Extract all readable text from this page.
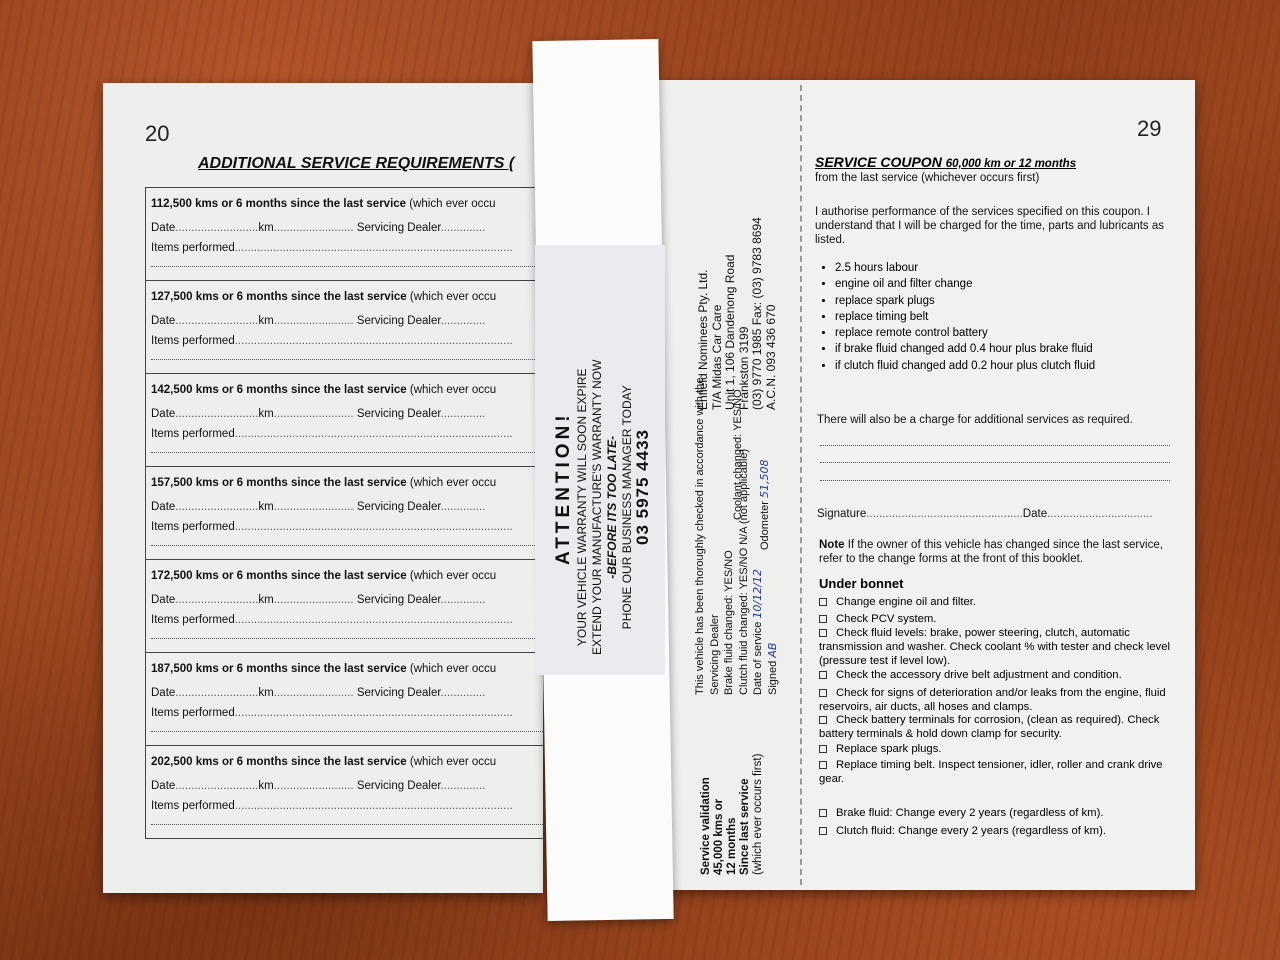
20
ADDITIONAL SERVICE REQUIREMENTS (
112,500 kms or 6 months since the last service (which ever occu
Date..........................km......................... Servicing Dealer..............
Items performed.......................................................................................
127,500 kms or 6 months since the last service (which ever occu
Date..........................km......................... Servicing Dealer..............
Items performed.......................................................................................
142,500 kms or 6 months since the last service (which ever occu
Date..........................km......................... Servicing Dealer..............
Items performed.......................................................................................
157,500 kms or 6 months since the last service (which ever occu
Date..........................km......................... Servicing Dealer..............
Items performed.......................................................................................
172,500 kms or 6 months since the last service (which ever occu
Date..........................km......................... Servicing Dealer..............
Items performed.......................................................................................
187,500 kms or 6 months since the last service (which ever occu
Date..........................km......................... Servicing Dealer..............
Items performed.......................................................................................
202,500 kms or 6 months since the last service (which ever occu
Date..........................km......................... Servicing Dealer..............
Items performed.......................................................................................
29
SERVICE COUPON 60,000 km or 12 months
from the last service (whichever occurs first)
I authorise performance of the services specified on this coupon. I understand that I will be charged for the time, parts and lubricants as listed.
• 2.5 hours labour
• engine oil and filter change
• replace spark plugs
• replace timing belt
• replace remote control battery
• if brake fluid changed add 0.4 hour plus brake fluid
• if clutch fluid changed add 0.2 hour plus clutch fluid
There will also be a charge for additional services as required.
Signature.................................................Date.................................
Note If the owner of this vehicle has changed since the last service, refer to the change forms at the front of this booklet.
Under bonnet
Change engine oil and filter.
Check PCV system.
Check fluid levels: brake, power steering, clutch, automatic transmission and washer. Check coolant % with tester and check level (pressure test if level low).
Check the accessory drive belt adjustment and condition.
Check for signs of deterioration and/or leaks from the engine, fluid reservoirs, air ducts, all hoses and clamps.
Check battery terminals for corrosion, (clean as required). Check battery terminals & hold down clamp for security.
Replace spark plugs.
Replace timing belt. Inspect tensioner, idler, roller and crank drive gear.
Brake fluid: Change every 2 years (regardless of km).
Clutch fluid: Change every 2 years (regardless of km).
Service validation 45,000 kms or 12 months Since last service (which ever occurs first)
This vehicle has been thoroughly checked in accordance with the Servicing Dealer Brake fluid changed: YES/NO Clutch fluid changed: YES/NO N/A (not applicable) Date of service 10/12/12
Signed AB
Coolant changed: YES/NO
Odometer 51,508
Enfield Nominees Pty. Ltd. T/A Midas Car Care Unit 1, 106 Dandenong Road Frankston 3199 (03) 9770 1985 Fax: (03) 9783 8694 A.C.N. 093 436 670
ATTENTION! YOUR VEHICLE WARRANTY WILL SOON EXPIRE EXTEND YOUR MANUFACTURE'S WARRANTY NOW -BEFORE ITS TOO LATE- PHONE OUR BUSINESS MANAGER TODAY 03 5975 4433
